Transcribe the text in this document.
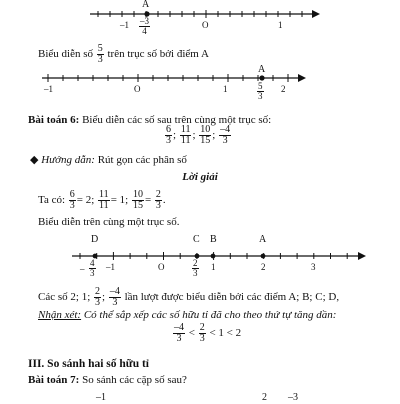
A
$-1 \frac{-3}{4}$	O	1
Biểu diễn số $\frac{5}{3}$ trên trục số bởi điểm A
A
–1	O	1	$\frac{5}{3} 2$
Bài toán 6: Biểu diễn các số sau trên cùng một trục số:
$\frac{6}{3}$ ; $\frac{11}{11}$ ; $\frac{10}{15}$ ; $\frac{-4}{3}$
◆ Hướng dẫn: Rút gọn các phân số
Lời giải
Ta có: $\frac{6}{3} = 2$; $\frac{11}{11} = 1$; $\frac{10}{15} = \frac{2}{3}$ .
Biểu diễn trên cùng một trục số.
D	C B	A
– $\frac{4}{3} -1$	O	$\frac{2}{3} 1$	2	3
Các số 2; 1; $\frac{2}{3}$ ; $\frac{-4}{3}$ lần lượt được biểu diễn bởi các điểm A; B; C; D,
Nhận xét: Có thể sắp xếp các số hữu tỉ đã cho theo thứ tự tăng dần:
$\frac{-4}{3} < \frac{2}{3} < 1 < 2$
III. So sánh hai số hữu tỉ
Bài toán 7: So sánh các cặp số sau?
–1	2 –3
